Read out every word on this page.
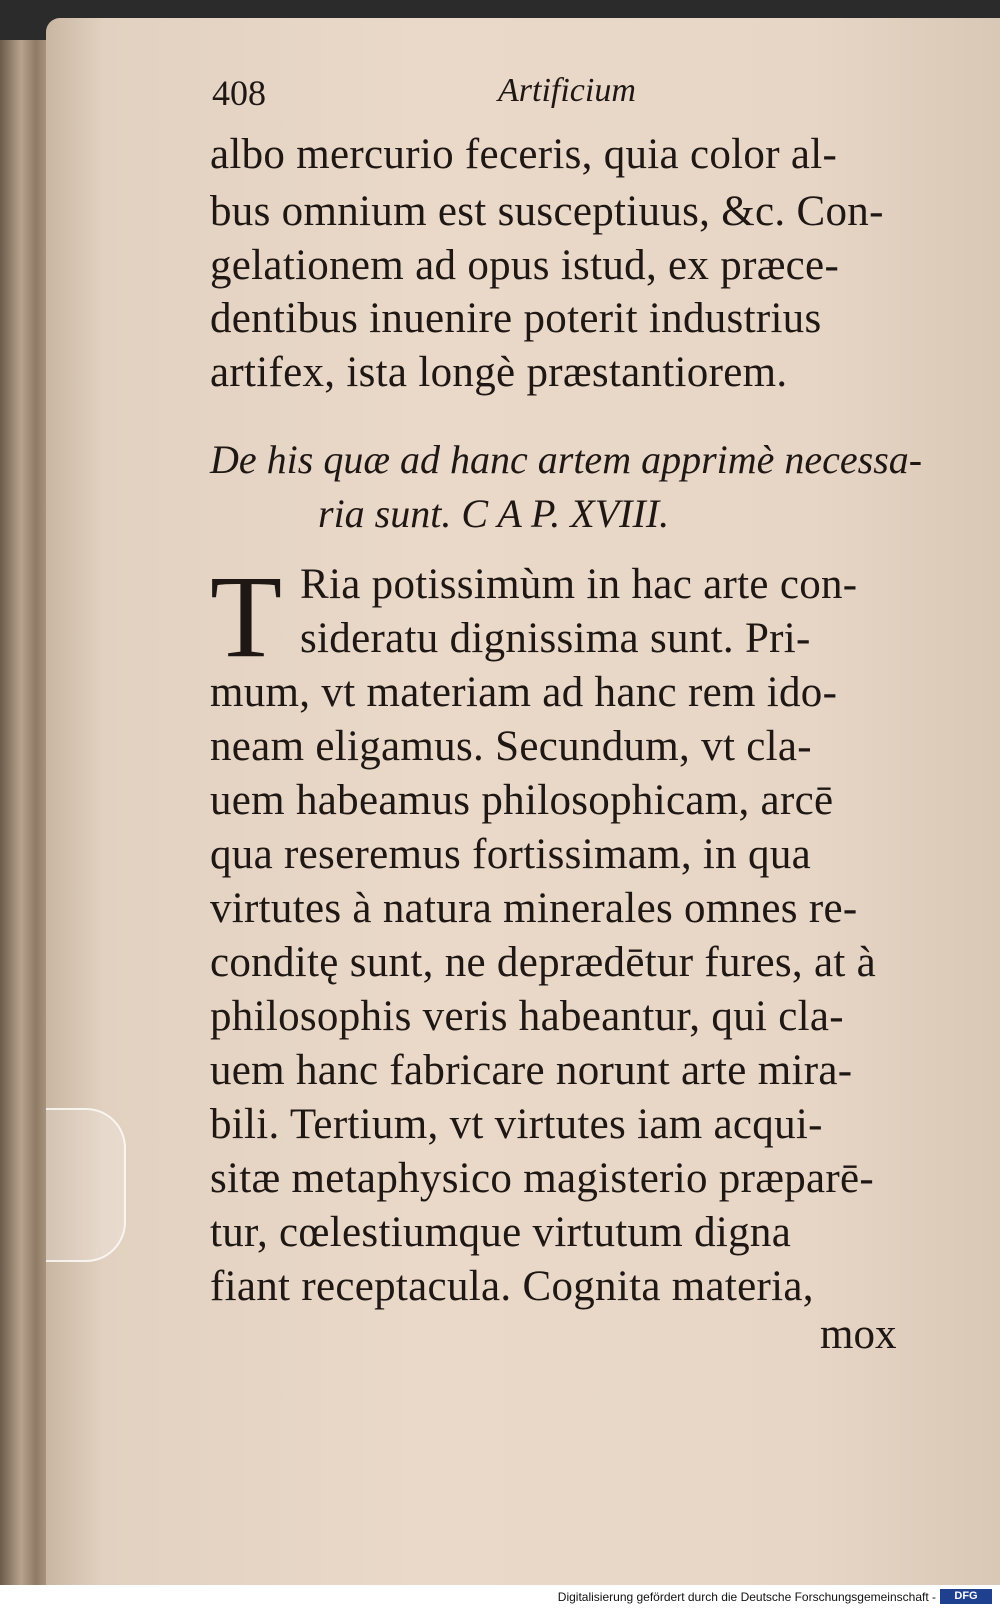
408	Artificium
albo mercurio feceris, quia color al-
bus omnium est susceptiuus, &c. Con-
gelationem ad opus istud, ex præce-
dentibus inuenire poterit industrius
artifex, ista longè præstantiorem.
De his quæ ad hanc artem apprimè necessa-
ria sunt. C A P. XVIII.
T Ria potissimùm in hac arte con-
sideratu dignissima sunt. Pri-
mum, vt materiam ad hanc rem ido-
neam eligamus. Secundum, vt cla-
uem habeamus philosophicam, arcē
qua reseremus fortissimam, in qua
virtutes à natura minerales omnes re-
conditę sunt, ne deprædētur fures, at à
philosophis veris habeantur, qui cla-
uem hanc fabricare norunt arte mira-
bili. Tertium, vt virtutes iam acqui-
sitæ metaphysico magisterio præparē-
tur, cœlestiumque virtutum digna
fiant receptacula. Cognita materia,
mox
Digitalisierung gefördert durch die Deutsche Forschungsgemeinschaft -	DFG
